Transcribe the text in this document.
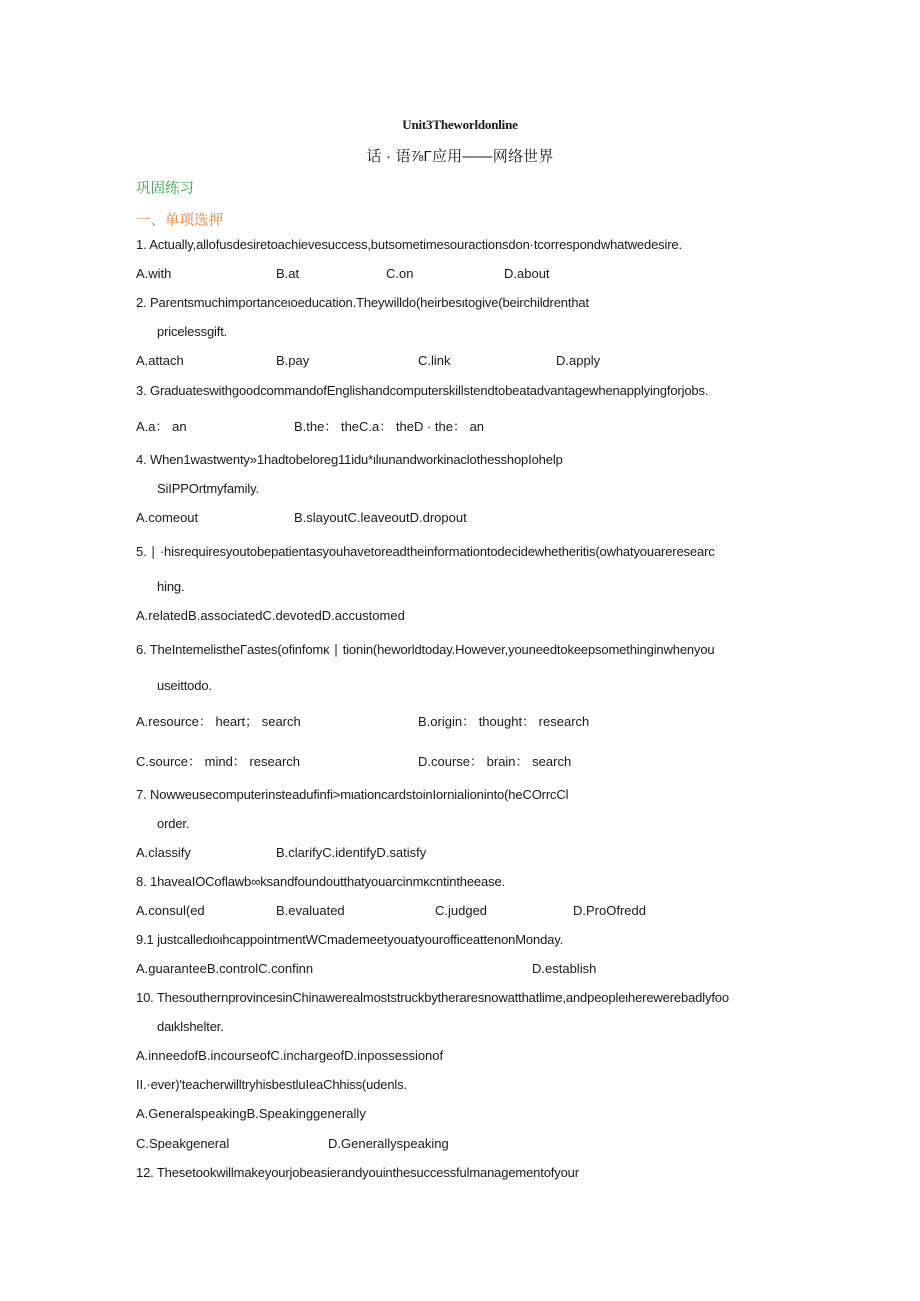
Unit3Theworldonline
话 · 语⅞Γ应用——网络世界
巩固练习
一、单项选押
1. Actually,allofusdesiretoachievesuccess,butsometimesouractionsdon·tcorrespondwhatwedesire.
A.with	B.at	C.on	D.about
2. Parentsmuchimportanceιoeducation.Theywilldo(heirbesιtogive(beirchildrenthat
pricelessgift.
A.attach	B.pay	C.link	D.apply
3. Graduateswithgoodcommandof​Englishandcomputerskillstendtobeatadvantagewhenapplyingforjobs.
A.a： an	B.the： theC.a： theD · the： an
4. When1wastwenty»1hadtobeloreg11idu*ιlιunandworkinaclothesshopIohelp
SiIPPOrtmyfamily.
A.comeout	B.slayoutC.leaveoutD.dropout
5. ∣ ·hisrequiresyoutobepatientasyouhavetoreadtheinformationtodecidewhetheritis(owhatyouareresearc
hing.
A.relatedB.associatedC.devotedD.accustomed
6. TheIntemelistheΓastes(ofinfomκ ∣ tionin(heworldtoday.However,youneedtokeepsomethinginwhenyou
useittodo.
A.resource： heart； search	B.origin： thought： research
C.source： mind： research	D.course： brain： search
7. Nowweusecomputerinsteadufinfi>mιationcardstoinIornialioninto(heCOrrcCl
order.
A.classify	B.clarifyC.identifyD.satisfy
8. 1haveaIOCoflawb∞ksandfoundoutthatyouarcinmκcntintheease.
A.consul(ed	B.evaluated	C.judged	D.ProOfredd
9.1 justcalledιoιhcappointmentWCmademeetyouatyourofficeattenonMonday.
A.guaranteeB.controlC.confinn	D.establish
10. ThesouthernprovincesinChinawerealmoststruckbytheraresnowatthatlime,andpeopleιherewerebadlyfoo
daιklshelter.
A.inneedofB.incourseofC.inchargeofD.inpossessionof
II.·ever)'teacherwilltryhisbestluIeaChhiss(udenls.
A.GeneralspeakingB.Speakinggenerally
C.Speakgeneral	D.Generallyspeaking
12. Thesetookwillmakeyourjobeasierandyouinthesuccessfulmanagementofyour
